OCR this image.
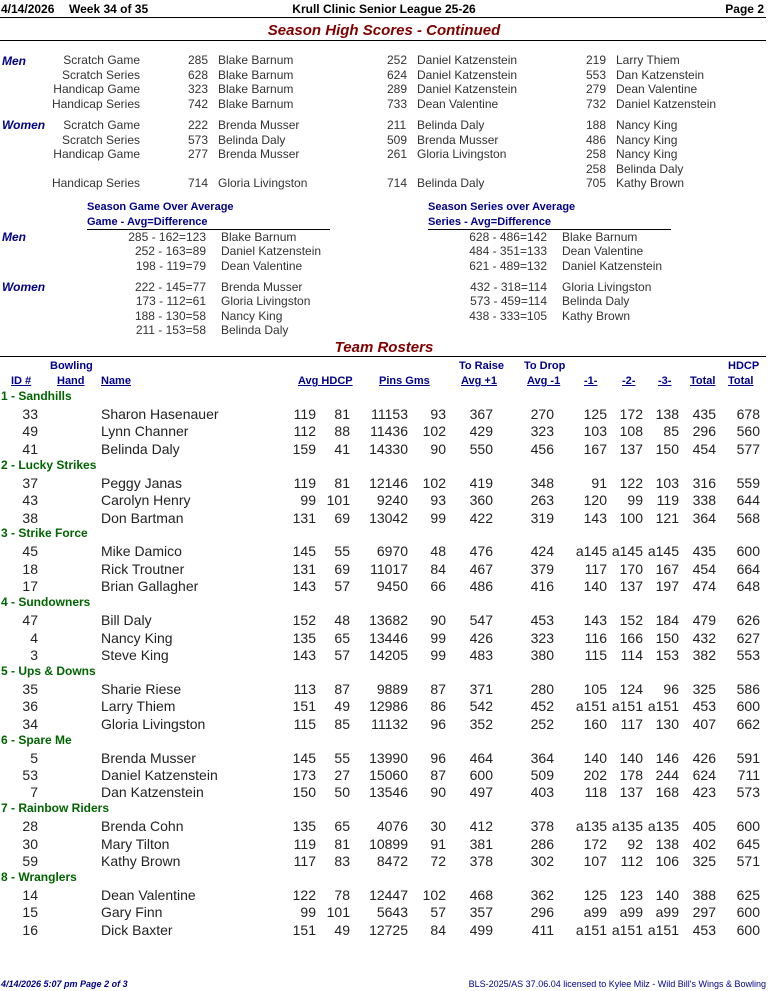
4/14/2026 Week 34 of 35	Krull Clinic Senior League 25-26	Page 2
Season High Scores - Continued
Men	Scratch Game	285 Blake Barnum	252 Daniel Katzenstein	219 Larry Thiem
Scratch Series	628 Blake Barnum	624 Daniel Katzenstein	553 Dan Katzenstein
Handicap Game	323 Blake Barnum	289 Daniel Katzenstein	279 Dean Valentine
Handicap Series	742 Blake Barnum	733 Dean Valentine	732 Daniel Katzenstein
Women Scratch Game	222 Brenda Musser	211 Belinda Daly	188 Nancy King
Scratch Series	573 Belinda Daly	509 Brenda Musser	486 Nancy King
Handicap Game	277 Brenda Musser	261 Gloria Livingston	258 Nancy King
258 Belinda Daly
Handicap Series	714 Gloria Livingston	714 Belinda Daly	705 Kathy Brown
Season Game Over Average
Game - Avg=Difference
Season Series over Average
Series - Avg=Difference
Men
Women
285 - 162=123 Blake Barnum
252 - 163=89 Daniel Katzenstein
198 - 119=79 Dean Valentine
222 - 145=77 Brenda Musser
173 - 112=61 Gloria Livingston
188 - 130=58 Nancy King
211 - 153=58 Belinda Daly
628 - 486=142 Blake Barnum
484 - 351=133 Dean Valentine
621 - 489=132 Daniel Katzenstein
432 - 318=114 Gloria Livingston
573 - 459=114 Belinda Daly
438 - 333=105 Kathy Brown
Team Rosters
Bowling	HDCP
To Raise To Drop
ID # Hand Name	Avg HDCP Pins Gms	Avg +1	Avg -1 -1- -2- -3- Total Total
1 - Sandhills
33	Sharon Hasenauer	119 81 11153 93 367	270 125 172 138 435 678
49	Lynn Channer	112 88 11436 102 429	323 103 108 85 296 560
41	Belinda Daly	159 41 14330 90 550	456 167 137 150 454 577
2 - Lucky Strikes
37	Peggy Janas	119 81 12146 102 419	348	91 122 103 316 559
43	Carolyn Henry	99 101 9240 93 360	263 120 99 119 338 644
38	Don Bartman	131 69 13042 99 422	319 143 100 121 364 568
3 - Strike Force
45	Mike Damico	145 55 6970 48 476	424 a145 a145 a145 435 600
18	Rick Troutner	131 69 11017 84 467	379 117 170 167 454 664
17	Brian Gallagher	143 57 9450 66 486	416 140 137 197 474 648
4 - Sundowners
47	Bill Daly	152 48 13682 90 547	453 143 152 184 479 626
4	Nancy King	135 65 13446 99 426	323 116 166 150 432 627
3	Steve King	143 57 14205 99 483	380 115 114 153 382 553
5 - Ups & Downs
35	Sharie Riese	113 87 9889 87 371	280 105 124 96 325 586
36	Larry Thiem	151 49 12986 86 542	452 a151 a151 a151 453 600
34	Gloria Livingston	115 85 11132 96 352	252 160 117 130 407 662
6 - Spare Me
5	Brenda Musser	145 55 13990 96 464	364 140 140 146 426 591
53	Daniel Katzenstein	173 27 15060 87 600	509 202 178 244 624 711
7	Dan Katzenstein	150 50 13546 90 497	403 118 137 168 423 573
7 - Rainbow Riders
28	Brenda Cohn	135 65 4076 30 412	378 a135 a135 a135 405 600
30	Mary Tilton	119 81 10899 91 381	286 172 92 138 402 645
59	Kathy Brown	117 83 8472 72 378	302 107 112 106 325 571
8 - Wranglers
14	Dean Valentine	122 78 12447 102 468	362 125 123 140 388 625
15	Gary Finn	99 101 5643 57 357	296 a99 a99 a99 297 600
16	Dick Baxter	151 49 12725 84 499	411 a151 a151 a151 453 600
4/14/2026 5:07 pm Page 2 of 3	BLS-2025/AS 37.06.04 licensed to Kylee Milz - Wild Bill's Wings & Bowling
